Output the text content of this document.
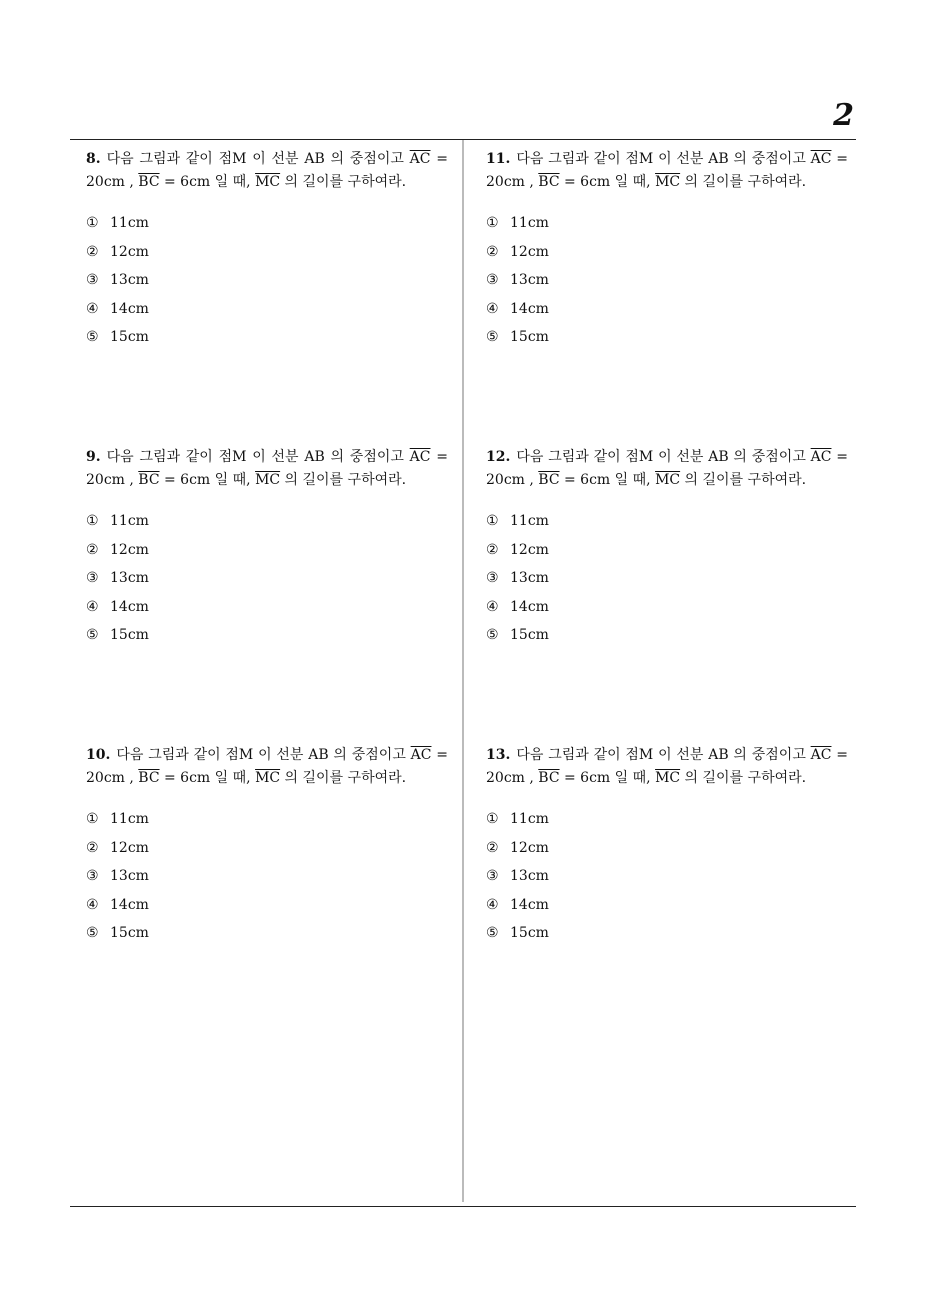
2

8. 다음 그림과 같이 점M 이 선분 AB 의 중점이고 $\overline{AC} = 20cm$ , $\overline{BC} = 6cm$ 일 때, $\overline{MC}$ 의 길이를 구하여라.

① 11cm
② 12cm
③ 13cm
④ 14cm
⑤ 15cm

9. 다음 그림과 같이 점M 이 선분 AB 의 중점이고 $\overline{AC} = 20cm$ , $\overline{BC} = 6cm$ 일 때, $\overline{MC}$ 의 길이를 구하여라.

① 11cm
② 12cm
③ 13cm
④ 14cm
⑤ 15cm

10. 다음 그림과 같이 점M 이 선분 AB 의 중점이고 $\overline{AC} = 20cm$ , $\overline{BC} = 6cm$ 일 때, $\overline{MC}$ 의 길이를 구하여라.

① 11cm
② 12cm
③ 13cm
④ 14cm
⑤ 15cm

11. 다음 그림과 같이 점M 이 선분 AB 의 중점이고 $\overline{AC} = 20cm$ , $\overline{BC} = 6cm$ 일 때, $\overline{MC}$ 의 길이를 구하여라.

① 11cm
② 12cm
③ 13cm
④ 14cm
⑤ 15cm

12. 다음 그림과 같이 점M 이 선분 AB 의 중점이고 $\overline{AC} = 20cm$ , $\overline{BC} = 6cm$ 일 때, $\overline{MC}$ 의 길이를 구하여라.

① 11cm
② 12cm
③ 13cm
④ 14cm
⑤ 15cm

13. 다음 그림과 같이 점M 이 선분 AB 의 중점이고 $\overline{AC} = 20cm$ , $\overline{BC} = 6cm$ 일 때, $\overline{MC}$ 의 길이를 구하여라.

① 11cm
② 12cm
③ 13cm
④ 14cm
⑤ 15cm
